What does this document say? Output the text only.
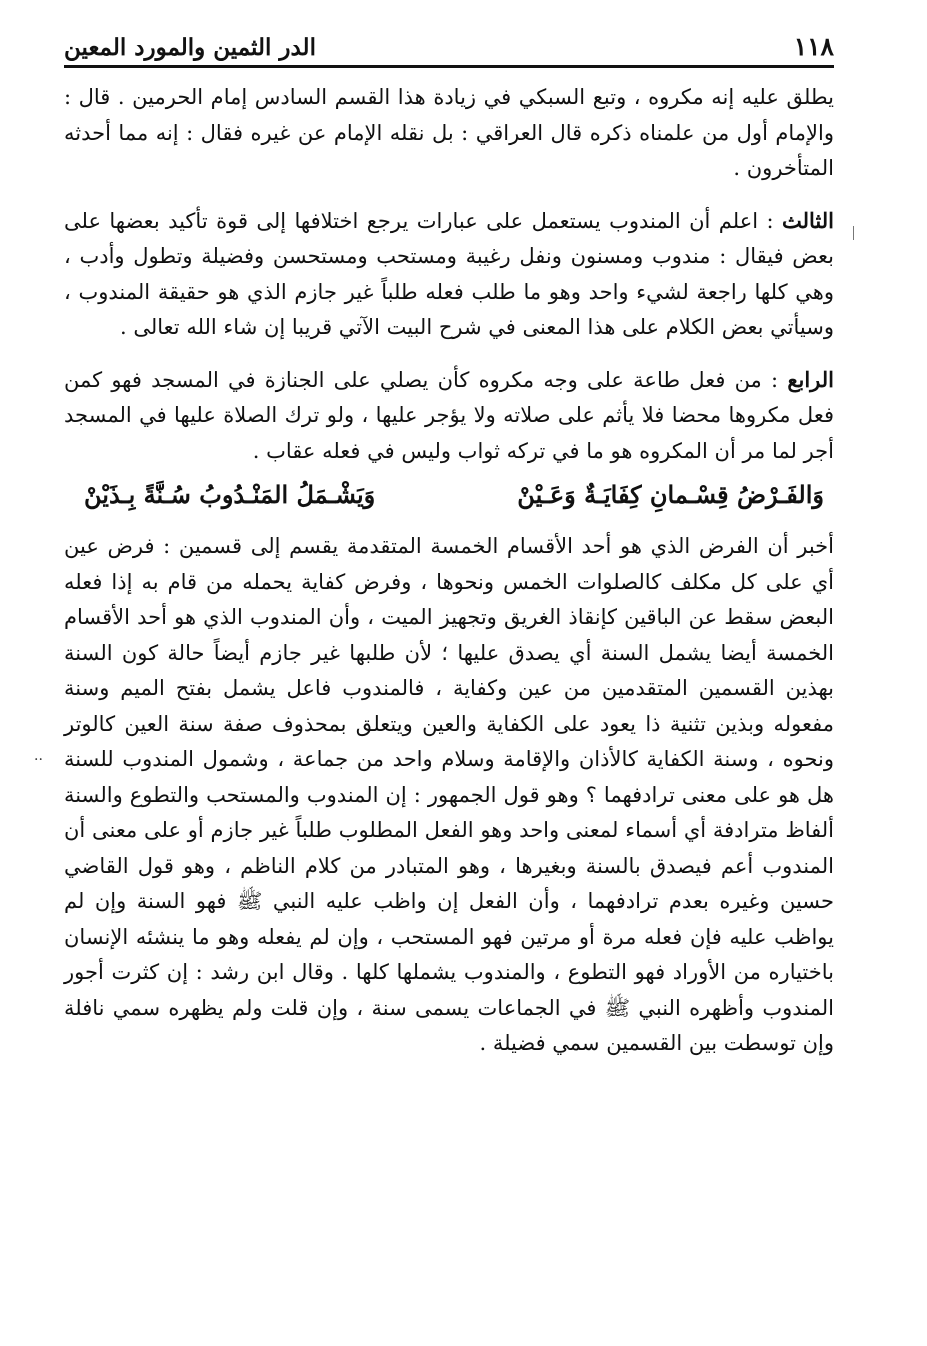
١١٨
الدر الثمين والمورد المعين
..

يطلق عليه إنه مكروه ، وتبع السبكي في زيادة هذا القسم السادس إمام الحرمين . قال : والإمام أول من علمناه ذكره قال العراقي : بل نقله الإمام عن غيره فقال : إنه مما أحدثه المتأخرون .

الثالث : اعلم أن المندوب يستعمل على عبارات يرجع اختلافها إلى قوة تأكيد بعضها على بعض فيقال : مندوب ومسنون ونفل رغيبة ومستحب ومستحسن وفضيلة وتطول وأدب ، وهي كلها راجعة لشيء واحد وهو ما طلب فعله طلباً غير جازم الذي هو حقيقة المندوب ، وسيأتي بعض الكلام على هذا المعنى في شرح البيت الآتي قريبا إن شاء الله تعالى .

الرابع : من فعل طاعة على وجه مكروه كأن يصلي على الجنازة في المسجد فهو كمن فعل مكروها محضا فلا يأثم على صلاته ولا يؤجر عليها ، ولو ترك الصلاة عليها في المسجد أجر لما مر أن المكروه هو ما في تركه ثواب وليس في فعله عقاب .

وَالفَـرْضُ قِسْـمانِ كِفَايَـةٌ وَعَـيْنْ
وَيَشْـمَلُ المَنْـدُوبُ سُـنَّةً بِـذَيْنْ

أخبر أن الفرض الذي هو أحد الأقسام الخمسة المتقدمة يقسم إلى قسمين : فرض عين أي على كل مكلف كالصلوات الخمس ونحوها ، وفرض كفاية يحمله من قام به إذا فعله البعض سقط عن الباقين كإنقاذ الغريق وتجهيز الميت ، وأن المندوب الذي هو أحد الأقسام الخمسة أيضا يشمل السنة أي يصدق عليها ؛ لأن طلبها غير جازم أيضاً حالة كون السنة بهذين القسمين المتقدمين من عين وكفاية ، فالمندوب فاعل يشمل بفتح الميم وسنة مفعوله وبذين تثنية ذا يعود على الكفاية والعين ويتعلق بمحذوف صفة سنة العين كالوتر ونحوه ، وسنة الكفاية كالأذان والإقامة وسلام واحد من جماعة ، وشمول المندوب للسنة هل هو على معنى ترادفهما ؟ وهو قول الجمهور : إن المندوب والمستحب والتطوع والسنة ألفاظ مترادفة أي أسماء لمعنى واحد وهو الفعل المطلوب طلباً غير جازم أو على معنى أن المندوب أعم فيصدق بالسنة وبغيرها ، وهو المتبادر من كلام الناظم ، وهو قول القاضي حسين وغيره بعدم ترادفهما ، وأن الفعل إن واظب عليه النبي ﷺ فهو السنة وإن لم يواظب عليه فإن فعله مرة أو مرتين فهو المستحب ، وإن لم يفعله وهو ما ينشئه الإنسان باختياره من الأوراد فهو التطوع ، والمندوب يشملها كلها . وقال ابن رشد : إن كثرت أجور المندوب وأظهره النبي ﷺ في الجماعات يسمى سنة ، وإن قلت ولم يظهره سمي نافلة وإن توسطت بين القسمين سمي فضيلة .
